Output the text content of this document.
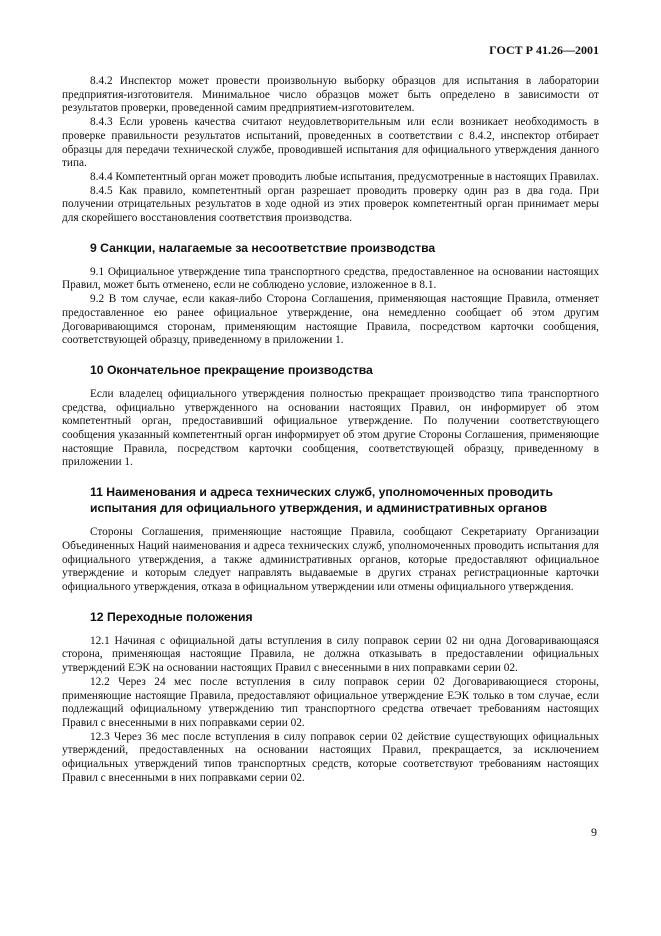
ГОСТ Р 41.26—2001

8.4.2 Инспектор может провести произвольную выборку образцов для испытания в лаборатории предприятия-изготовителя. Минимальное число образцов может быть определено в зависимости от результатов проверки, проведенной самим предприятием-изготовителем.

8.4.3 Если уровень качества считают неудовлетворительным или если возникает необходимость в проверке правильности результатов испытаний, проведенных в соответствии с 8.4.2, инспектор отбирает образцы для передачи технической службе, проводившей испытания для официального утверждения данного типа.

8.4.4 Компетентный орган может проводить любые испытания, предусмотренные в настоящих Правилах.

8.4.5 Как правило, компетентный орган разрешает проводить проверку один раз в два года. При получении отрицательных результатов в ходе одной из этих проверок компетентный орган принимает меры для скорейшего восстановления соответствия производства.

9 Санкции, налагаемые за несоответствие производства

9.1 Официальное утверждение типа транспортного средства, предоставленное на основании настоящих Правил, может быть отменено, если не соблюдено условие, изложенное в 8.1.

9.2 В том случае, если какая-либо Сторона Соглашения, применяющая настоящие Правила, отменяет предоставленное ею ранее официальное утверждение, она немедленно сообщает об этом другим Договаривающимся сторонам, применяющим настоящие Правила, посредством карточки сообщения, соответствующей образцу, приведенному в приложении 1.

10 Окончательное прекращение производства

Если владелец официального утверждения полностью прекращает производство типа транспортного средства, официально утвержденного на основании настоящих Правил, он информирует об этом компетентный орган, предоставивший официальное утверждение. По получении соответствующего сообщения указанный компетентный орган информирует об этом другие Стороны Соглашения, применяющие настоящие Правила, посредством карточки сообщения, соответствующей образцу, приведенному в приложении 1.

11 Наименования и адреса технических служб, уполномоченных проводить испытания для официального утверждения, и административных органов

Стороны Соглашения, применяющие настоящие Правила, сообщают Секретариату Организации Объединенных Наций наименования и адреса технических служб, уполномоченных проводить испытания для официального утверждения, а также административных органов, которые предоставляют официальное утверждение и которым следует направлять выдаваемые в других странах регистрационные карточки официального утверждения, отказа в официальном утверждении или отмены официального утверждения.

12 Переходные положения

12.1 Начиная с официальной даты вступления в силу поправок серии 02 ни одна Договаривающаяся сторона, применяющая настоящие Правила, не должна отказывать в предоставлении официальных утверждений ЕЭК на основании настоящих Правил с внесенными в них поправками серии 02.

12.2 Через 24 мес после вступления в силу поправок серии 02 Договаривающиеся стороны, применяющие настоящие Правила, предоставляют официальное утверждение ЕЭК только в том случае, если подлежащий официальному утверждению тип транспортного средства отвечает требованиям настоящих Правил с внесенными в них поправками серии 02.

12.3 Через 36 мес после вступления в силу поправок серии 02 действие существующих официальных утверждений, предоставленных на основании настоящих Правил, прекращается, за исключением официальных утверждений типов транспортных средств, которые соответствуют требованиям настоящих Правил с внесенными в них поправками серии 02.

9
